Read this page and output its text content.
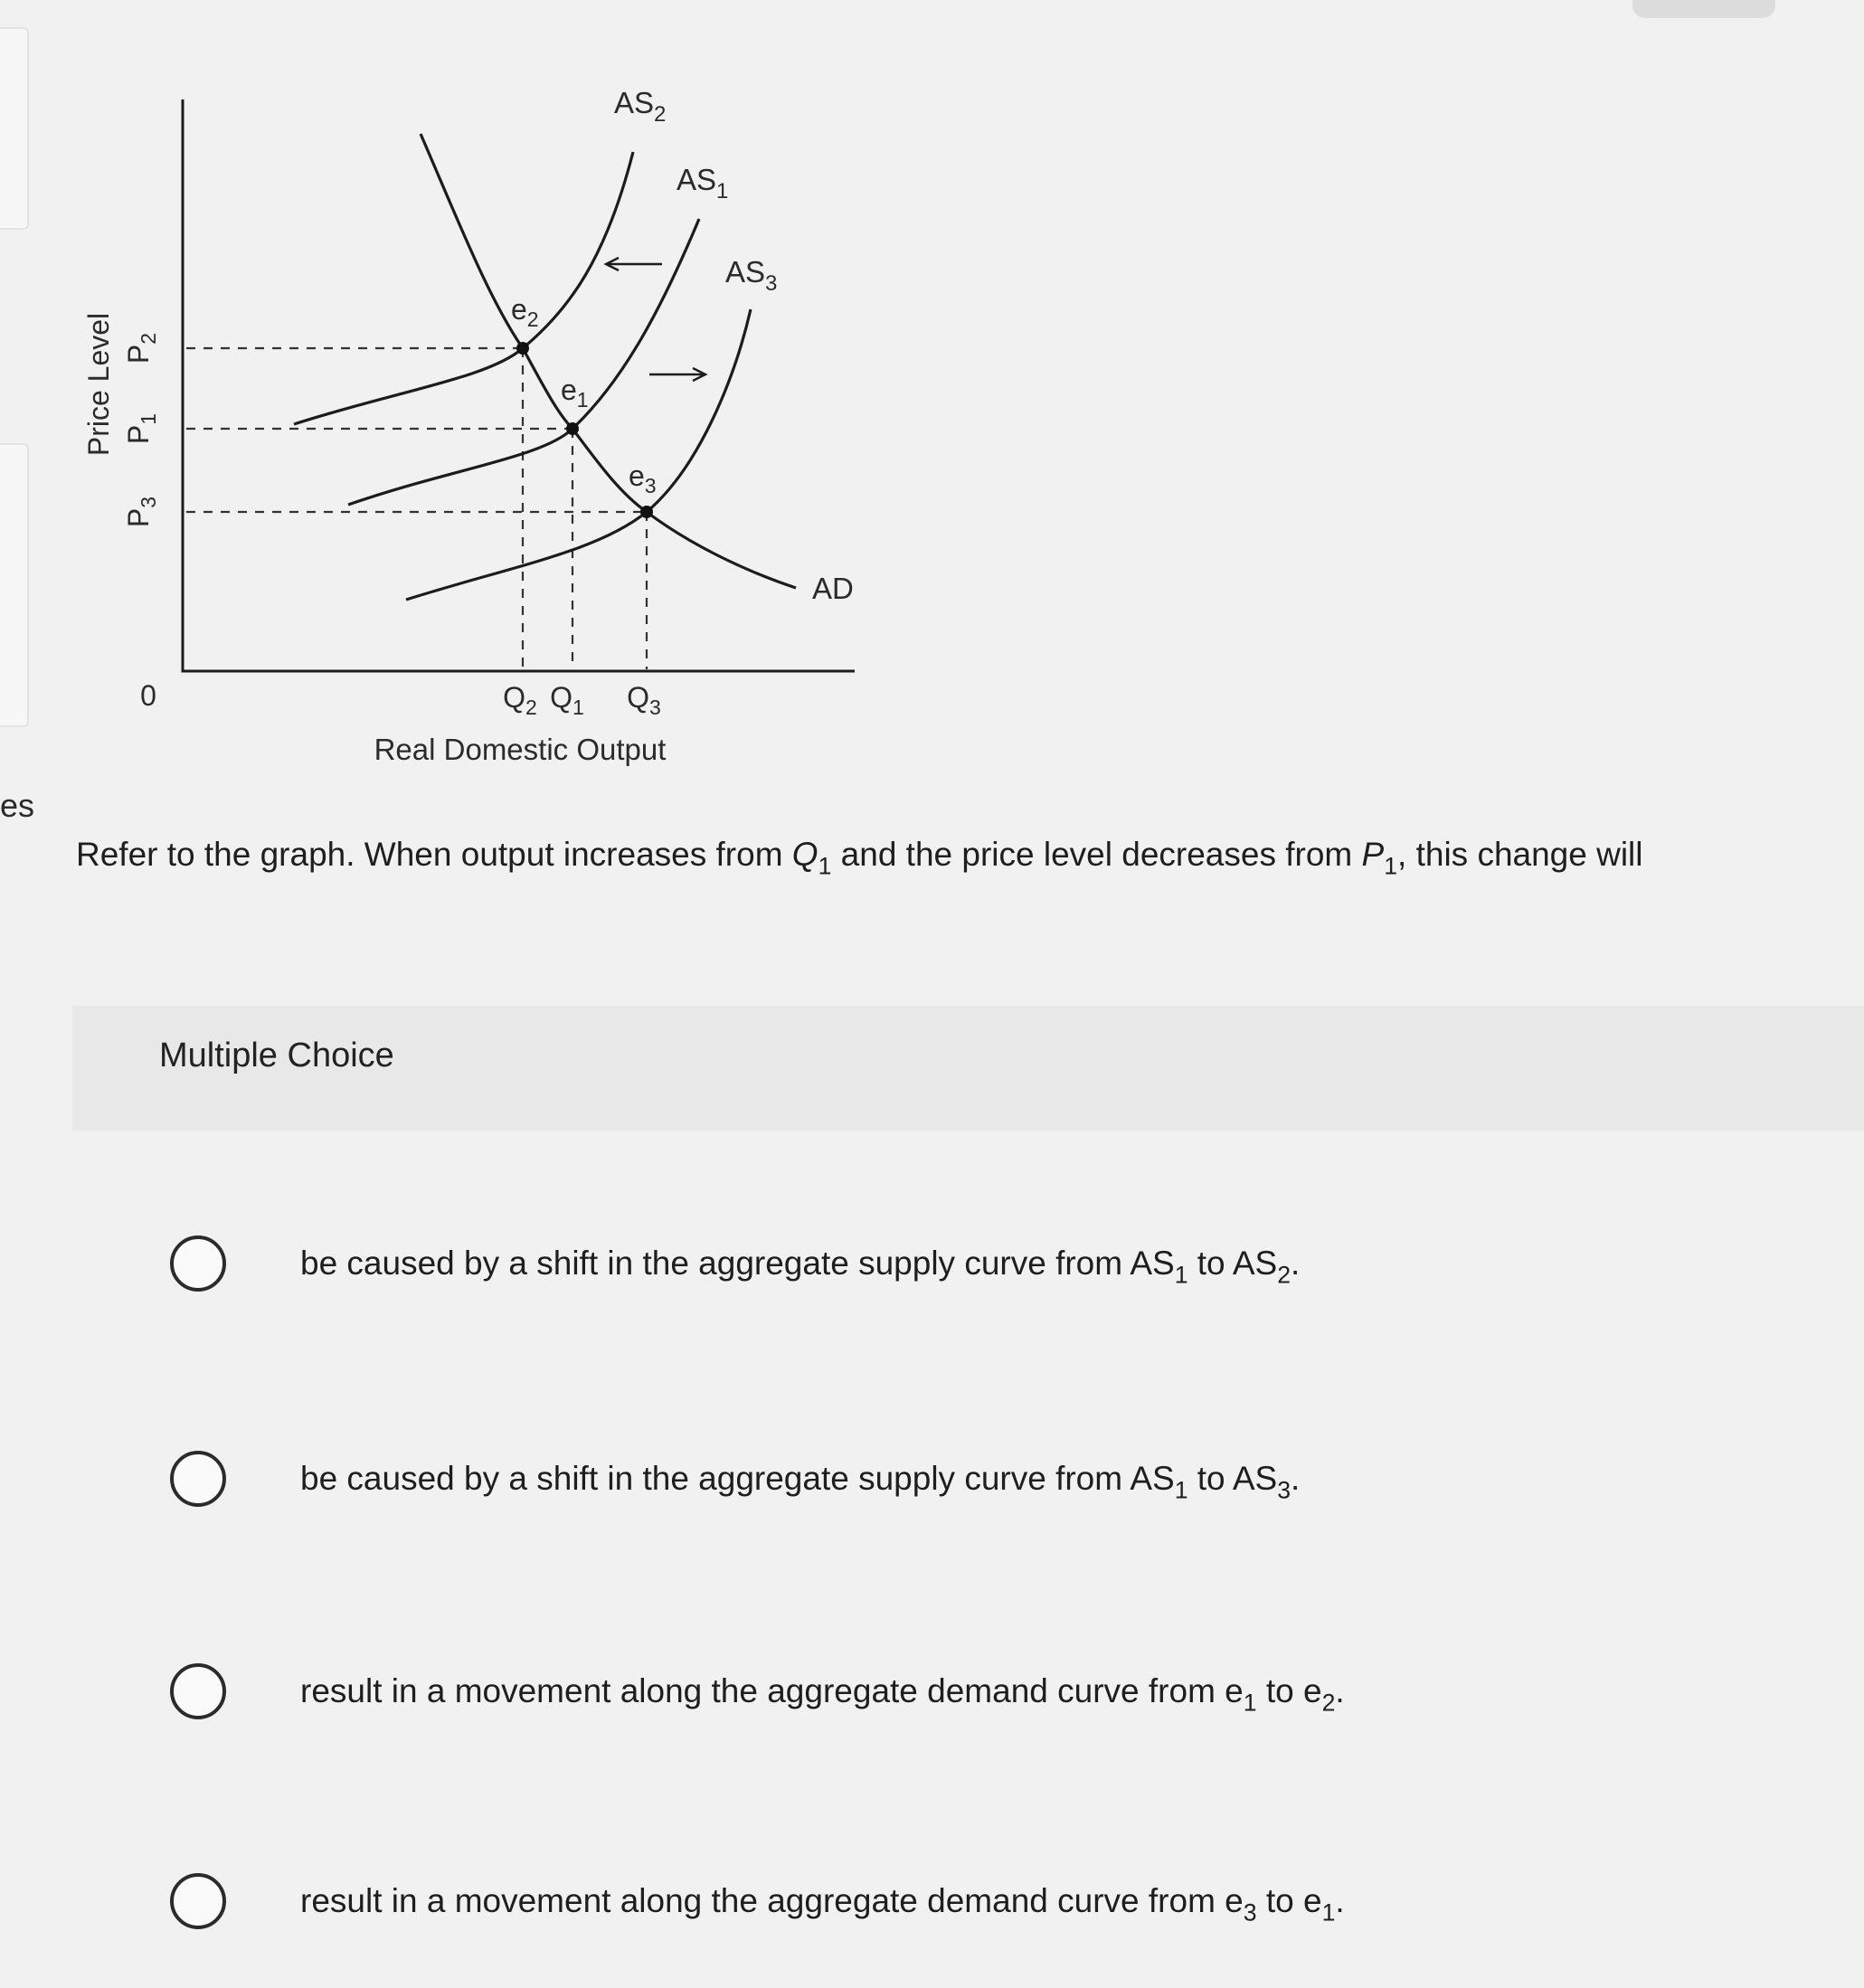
es
$AS_2$
$AS_1$
$AS_3$
AD
$e_2$
$e_1$
$e_3$
$P_2$
$P_1$
$P_3$
Price Level
0	$Q_2$ $Q_1$ $Q_3$
Real Domestic Output
Refer to the graph. When output increases from $Q_1$ and the price level decreases from $P_1$, this change will
Multiple Choice
be caused by a shift in the aggregate supply curve from $AS_1$ to $AS_2$.
be caused by a shift in the aggregate supply curve from $AS_1$ to $AS_3$.
result in a movement along the aggregate demand curve from $e_1$ to $e_2$.
result in a movement along the aggregate demand curve from $e_3$ to $e_1$.
